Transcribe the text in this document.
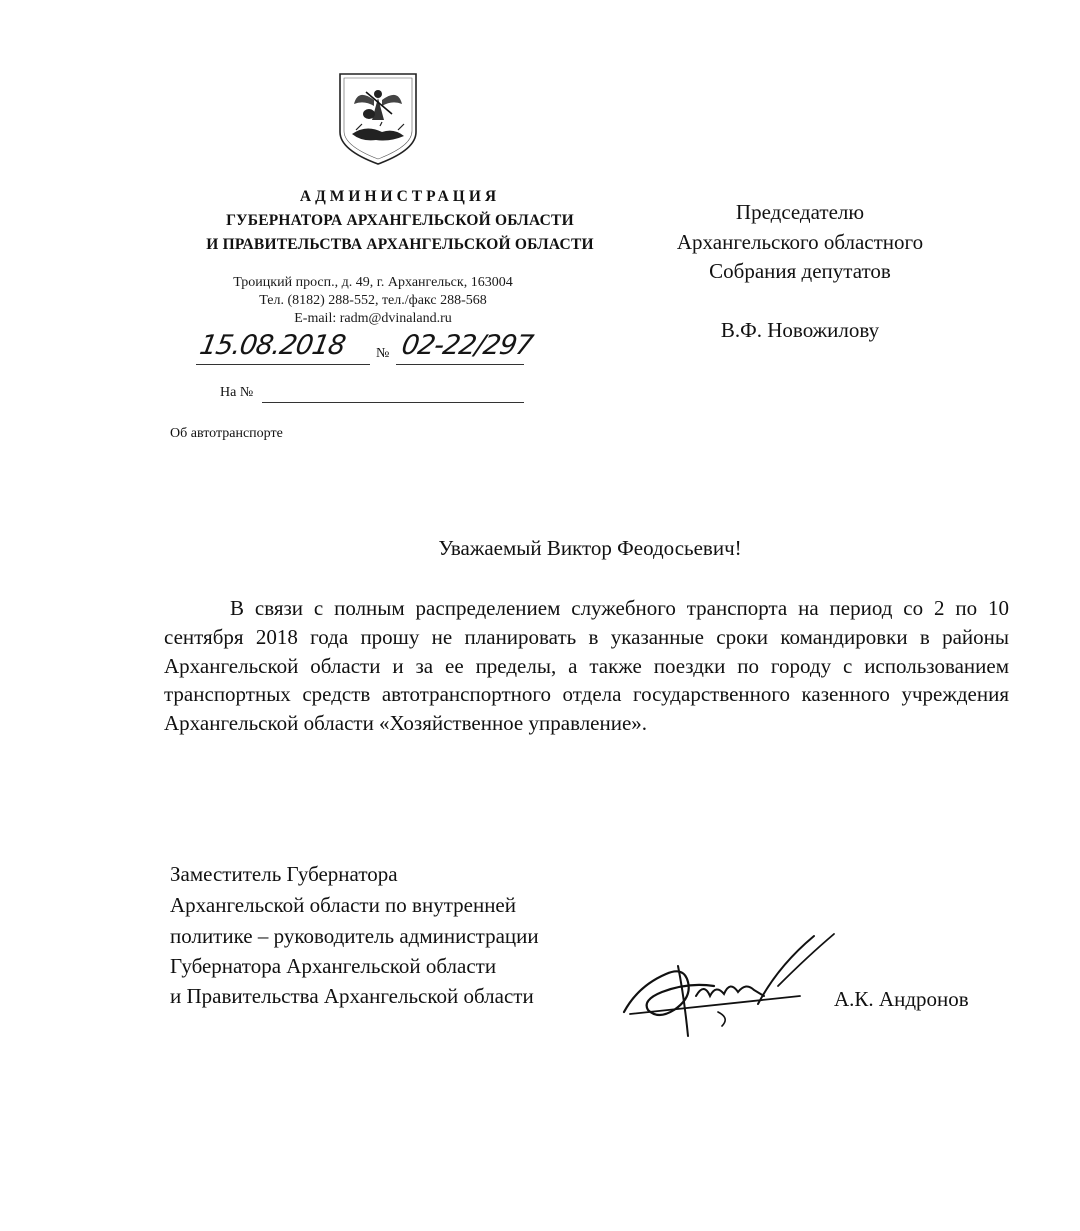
АДМИНИСТРАЦИЯ
ГУБЕРНАТОРА АРХАНГЕЛЬСКОЙ ОБЛАСТИ
И ПРАВИТЕЛЬСТВА АРХАНГЕЛЬСКОЙ ОБЛАСТИ
Троицкий просп., д. 49, г. Архангельск, 163004
Тел. (8182) 288-552, тел./факс 288-568
E-mail: radm@dvinaland.ru
15.08.2018 № 02-22/297
На №
Об автотранспорте
Председателю
Архангельского областного
Собрания депутатов
В.Ф. Новожилову
Уважаемый Виктор Феодосьевич!

В связи с полным распределением служебного транспорта на период со 2 по 10 сентября 2018 года прошу не планировать в указанные сроки командировки в районы Архангельской области и за ее пределы, а также поездки по городу с использованием транспортных средств автотранспортного отдела государственного казенного учреждения Архангельской области «Хозяйственное управление».

Заместитель Губернатора
Архангельской области по внутренней
политике – руководитель администрации
Губернатора Архангельской области
и Правительства Архангельской области	А.К. Андронов
